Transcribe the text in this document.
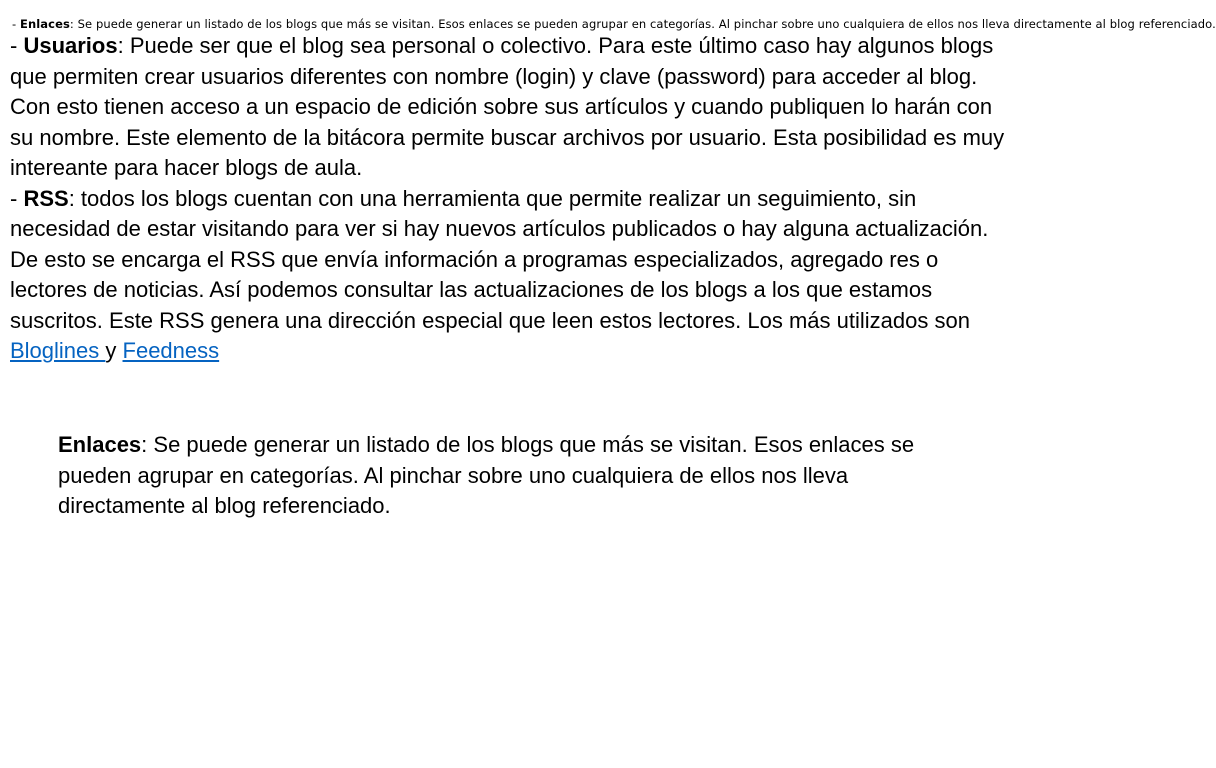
- Enlaces: Se puede generar un listado de los blogs que más se visitan. Esos enlaces se pueden agrupar en categorías. Al pinchar sobre uno cualquiera de ellos nos lleva directamente al blog referenciado.

- Usuarios: Puede ser que el blog sea personal o colectivo. Para este último caso hay algunos blogs que permiten crear usuarios diferentes con nombre (login) y clave (password) para acceder al blog. Con esto tienen acceso a un espacio de edición sobre sus artículos y cuando publiquen lo harán con su nombre. Este elemento de la bitácora permite buscar archivos por usuario. Esta posibilidad es muy intereante para hacer blogs de aula.

- RSS: todos los blogs cuentan con una herramienta que permite realizar un seguimiento, sin necesidad de estar visitando para ver si hay nuevos artículos publicados o hay alguna actualización. De esto se encarga el RSS que envía información a programas especializados, agregado res o lectores de noticias. Así podemos consultar las actualizaciones de los blogs a los que estamos suscritos. Este RSS genera una dirección especial que leen estos lectores. Los más utilizados son Bloglines y Feedness

Enlaces: Se puede generar un listado de los blogs que más se visitan. Esos enlaces se pueden agrupar en categorías. Al pinchar sobre uno cualquiera de ellos nos lleva directamente al blog referenciado.
